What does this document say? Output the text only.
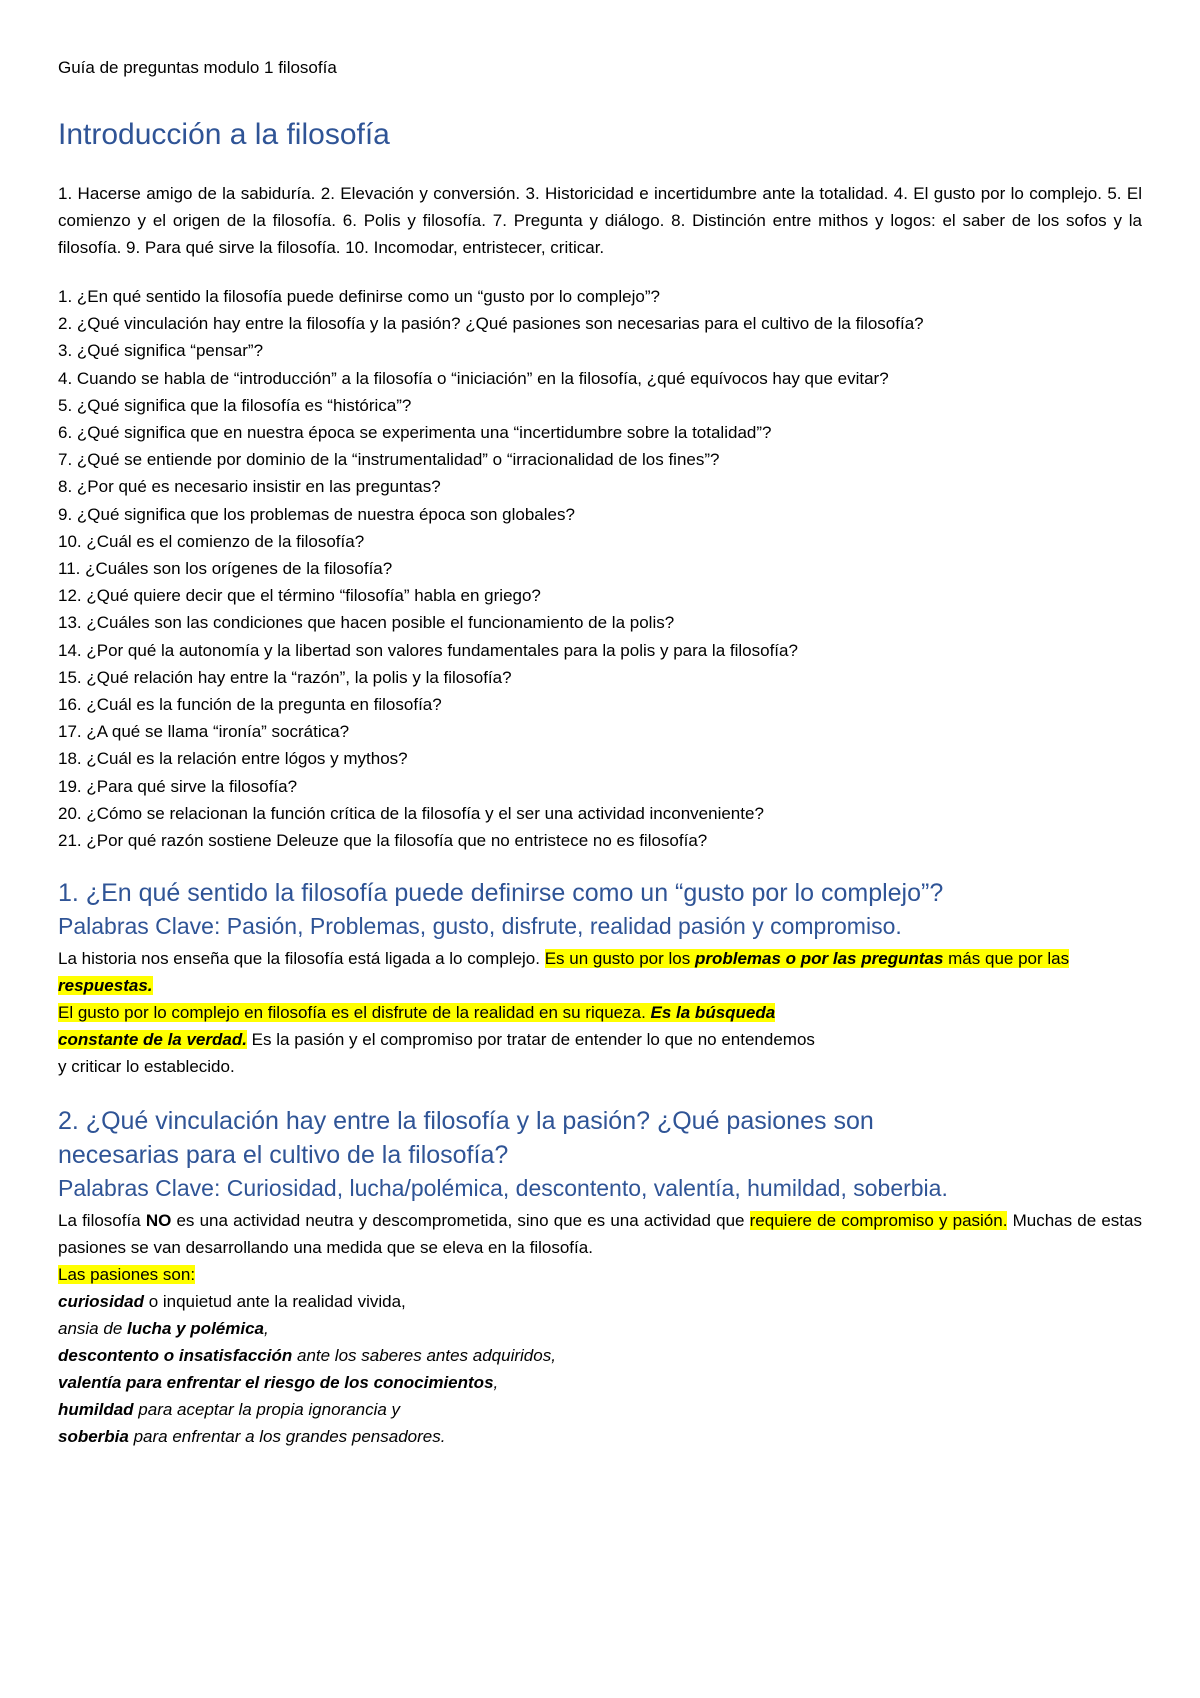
Guía de preguntas modulo 1 filosofía
Introducción a la filosofía

1. Hacerse amigo de la sabiduría. 2. Elevación y conversión. 3. Historicidad e incertidumbre ante la totalidad. 4. El gusto por lo complejo. 5. El comienzo y el origen de la filosofía. 6. Polis y filosofía. 7. Pregunta y diálogo. 8. Distinción entre mithos y logos: el saber de los sofos y la filosofía. 9. Para qué sirve la filosofía. 10. Incomodar, entristecer, criticar.

1. ¿En qué sentido la filosofía puede definirse como un “gusto por lo complejo”?
2. ¿Qué vinculación hay entre la filosofía y la pasión? ¿Qué pasiones son necesarias para el cultivo de la filosofía?
3. ¿Qué significa “pensar”?
4. Cuando se habla de “introducción” a la filosofía o “iniciación” en la filosofía, ¿qué equívocos hay que evitar?
5. ¿Qué significa que la filosofía es “histórica”?
6. ¿Qué significa que en nuestra época se experimenta una “incertidumbre sobre la totalidad”?
7. ¿Qué se entiende por dominio de la “instrumentalidad” o “irracionalidad de los fines”?
8. ¿Por qué es necesario insistir en las preguntas?
9. ¿Qué significa que los problemas de nuestra época son globales?
10. ¿Cuál es el comienzo de la filosofía?
11. ¿Cuáles son los orígenes de la filosofía?
12. ¿Qué quiere decir que el término “filosofía” habla en griego?
13. ¿Cuáles son las condiciones que hacen posible el funcionamiento de la polis?
14. ¿Por qué la autonomía y la libertad son valores fundamentales para la polis y para la filosofía?
15. ¿Qué relación hay entre la “razón”, la polis y la filosofía?
16. ¿Cuál es la función de la pregunta en filosofía?
17. ¿A qué se llama “ironía” socrática?
18. ¿Cuál es la relación entre lógos y mythos?
19. ¿Para qué sirve la filosofía?
20. ¿Cómo se relacionan la función crítica de la filosofía y el ser una actividad inconveniente?
21. ¿Por qué razón sostiene Deleuze que la filosofía que no entristece no es filosofía?
1. ¿En qué sentido la filosofía puede definirse como un “gusto por lo complejo”?
Palabras Clave: Pasión, Problemas, gusto, disfrute, realidad pasión y compromiso.

La historia nos enseña que la filosofía está ligada a lo complejo. Es un gusto por los problemas o por las preguntas más que por las respuestas.

El gusto por lo complejo en filosofía es el disfrute de la realidad en su riqueza. Es la búsqueda

constante de la verdad. Es la pasión y el compromiso por tratar de entender lo que no entendemos

y criticar lo establecido.

2. ¿Qué vinculación hay entre la filosofía y la pasión? ¿Qué pasiones son necesarias para el cultivo de la filosofía?
Palabras Clave: Curiosidad, lucha/polémica, descontento, valentía, humildad, soberbia.

La filosofía NO es una actividad neutra y descomprometida, sino que es una actividad que requiere de compromiso y pasión. Muchas de estas pasiones se van desarrollando una medida que se eleva en la filosofía.

Las pasiones son:

curiosidad o inquietud ante la realidad vivida,

ansia de lucha y polémica,

descontento o insatisfacción ante los saberes antes adquiridos,

valentía para enfrentar el riesgo de los conocimientos,

humildad para aceptar la propia ignorancia y

soberbia para enfrentar a los grandes pensadores.
